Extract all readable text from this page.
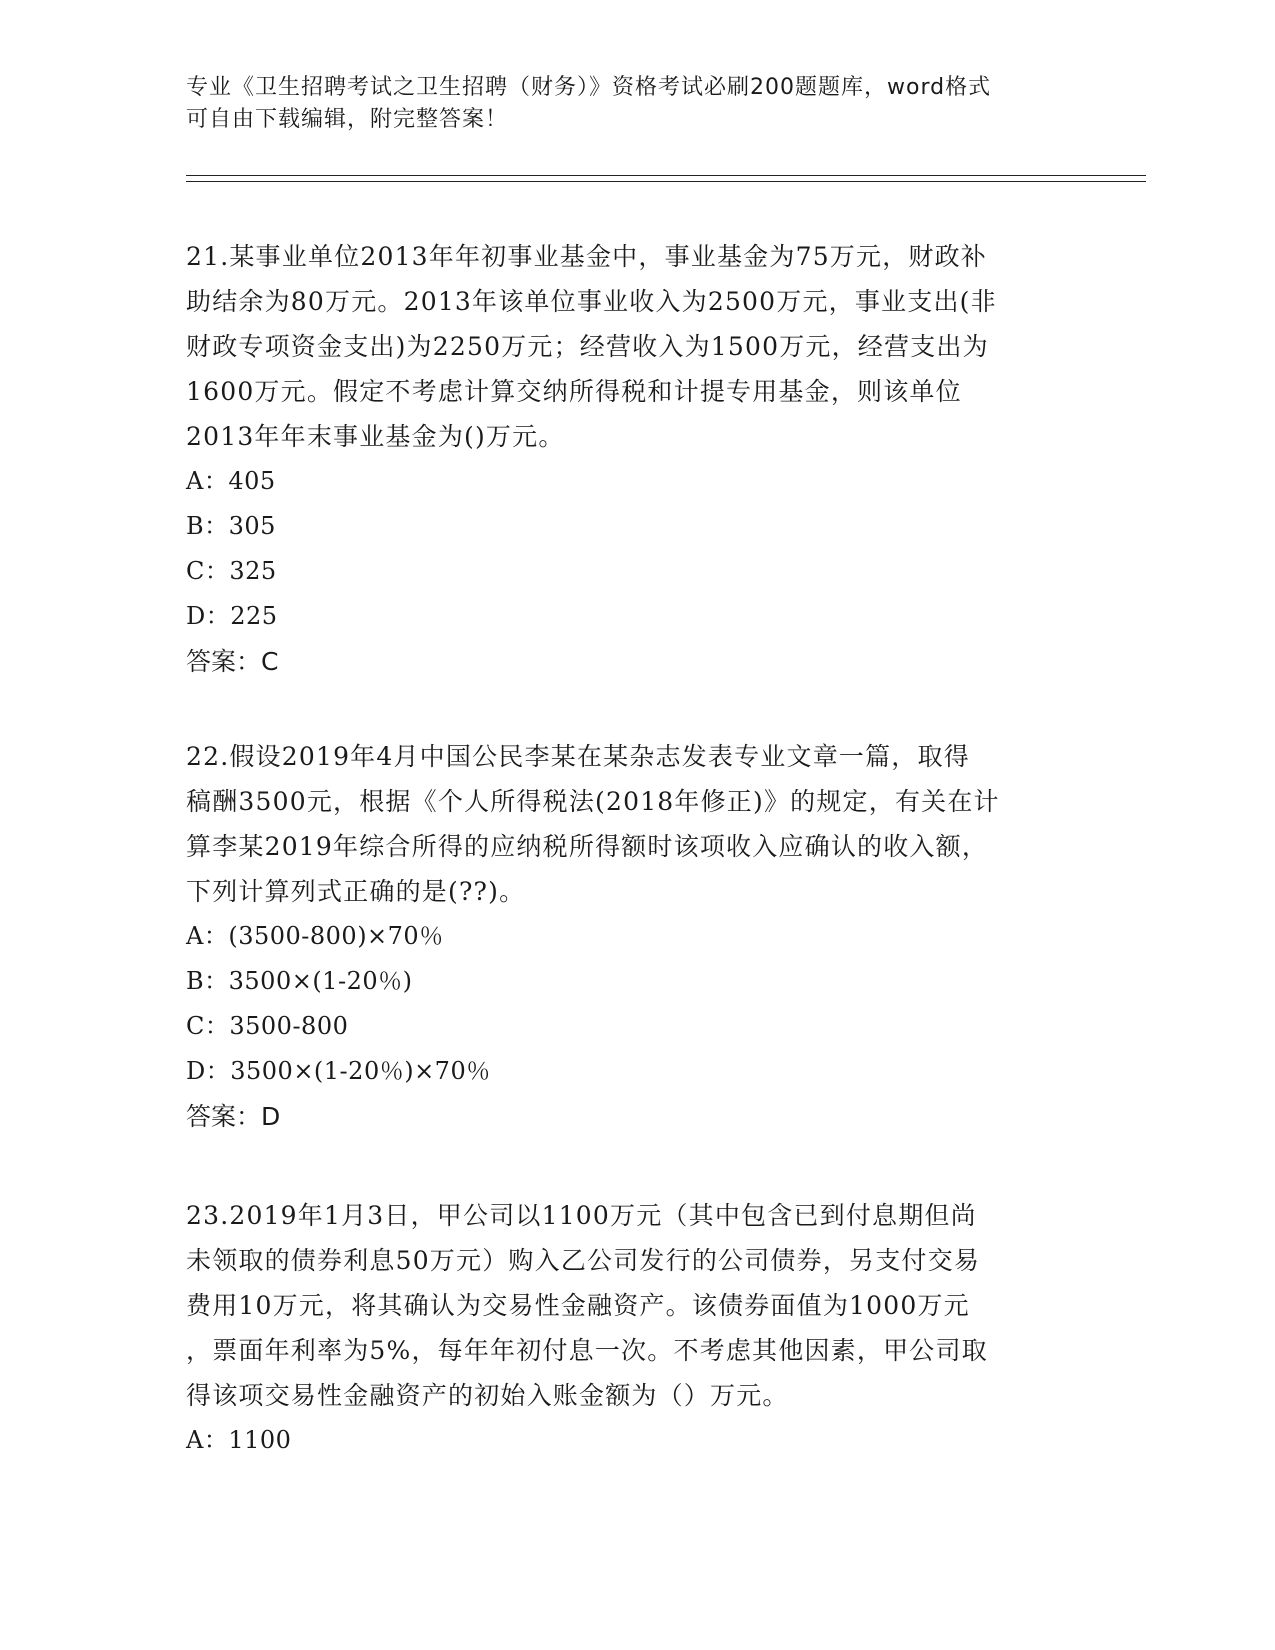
专业《卫生招聘考试之卫生招聘（财务）》资格考试必刷200题题库，word格式

可自由下载编辑，附完整答案！

21.某事业单位2013年年初事业基金中，事业基金为75万元，财政补

助结余为80万元。2013年该单位事业收入为2500万元，事业支出(非

财政专项资金支出)为2250万元；经营收入为1500万元，经营支出为

1600万元。假定不考虑计算交纳所得税和计提专用基金，则该单位

2013年年末事业基金为()万元。

A：405

B：305

C：325

D：225

答案：C

22.假设2019年4月中国公民李某在某杂志发表专业文章一篇，取得

稿酬3500元，根据《个人所得税法(2018年修正)》的规定，有关在计

算李某2019年综合所得的应纳税所得额时该项收入应确认的收入额，

下列计算列式正确的是(??)。

A：(3500-800)×70％

B：3500×(1-20％)

C：3500-800

D：3500×(1-20％)×70％

答案：D

23.2019年1月3日，甲公司以1100万元（其中包含已到付息期但尚

未领取的债券利息50万元）购入乙公司发行的公司债券，另支付交易

费用10万元，将其确认为交易性金融资产。该债券面值为1000万元

，票面年利率为5%，每年年初付息一次。不考虑其他因素，甲公司取

得该项交易性金融资产的初始入账金额为（）万元。

A：1100
